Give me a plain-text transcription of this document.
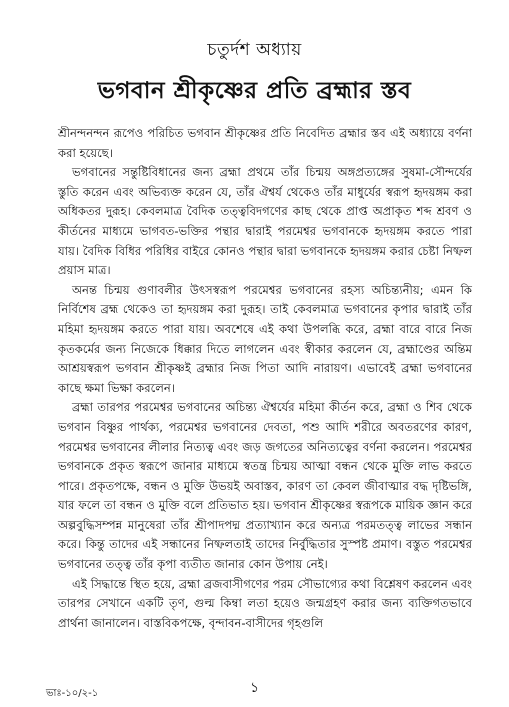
চতুর্দশ অধ্যায়
ভগবান শ্রীকৃষ্ণের প্রতি ব্রহ্মার স্তব

শ্রীনন্দনন্দন রূপেও পরিচিত ভগবান শ্রীকৃষ্ণের প্রতি নিবেদিত ব্রহ্মার স্তব এই অধ্যায়ে বর্ণনা করা হয়েছে।

ভগবানের সন্তুষ্টিবিধানের জন্য ব্রহ্মা প্রথমে তাঁর চিন্ময় অঙ্গপ্রত্যঙ্গের সুষমা-সৌন্দর্যের স্তুতি করেন এবং অভিব্যক্ত করেন যে, তাঁর ঐশ্বর্য থেকেও তাঁর মাধুর্যের স্বরূপ হৃদয়ঙ্গম করা অধিকতর দুরূহ। কেবলমাত্র বৈদিক তত্ত্ববিদগণের কাছ থেকে প্রাপ্ত অপ্রাকৃত শব্দ শ্রবণ ও কীর্তনের মাধ্যমে ভাগবত-ভক্তির পন্থার দ্বারাই পরমেশ্বর ভগবানকে হৃদয়ঙ্গম করতে পারা যায়। বৈদিক বিধির পরিধির বাইরে কোনও পন্থার দ্বারা ভগবানকে হৃদয়ঙ্গম করার চেষ্টা নিষ্ফল প্রয়াস মাত্র।

অনন্ত চিন্ময় গুণাবলীর উৎসস্বরূপ পরমেশ্বর ভগবানের রহস্য অচিন্ত্যনীয়; এমন কি নির্বিশেষ ব্রহ্ম থেকেও তা হৃদয়ঙ্গম করা দুরূহ। তাই কেবলমাত্র ভগবানের কৃপার দ্বারাই তাঁর মহিমা হৃদয়ঙ্গম করতে পারা যায়। অবশেষে এই কথা উপলব্ধি করে, ব্রহ্মা বারে বারে নিজ কৃতকর্মের জন্য নিজেকে ধিক্কার দিতে লাগলেন এবং স্বীকার করলেন যে, ব্রহ্মাণ্ডের অন্তিম আশ্রয়স্বরূপ ভগবান শ্রীকৃষ্ণই ব্রহ্মার নিজ পিতা আদি নারায়ণ। এভাবেই ব্রহ্মা ভগবানের কাছে ক্ষমা ভিক্ষা করলেন।

ব্রহ্মা তারপর পরমেশ্বর ভগবানের অচিন্ত্য ঐশ্বর্যের মহিমা কীর্তন করে, ব্রহ্মা ও শিব থেকে ভগবান বিষ্ণুর পার্থক্য, পরমেশ্বর ভগবানের দেবতা, পশু আদি শরীরে অবতরণের কারণ, পরমেশ্বর ভগবানের লীলার নিত্যত্ব এবং জড় জগতের অনিত্যত্বের বর্ণনা করলেন। পরমেশ্বর ভগবানকে প্রকৃত স্বরূপে জানার মাধ্যমে স্বতন্ত্র চিন্ময় আত্মা বন্ধন থেকে মুক্তি লাভ করতে পারে। প্রকৃতপক্ষে, বন্ধন ও মুক্তি উভয়ই অবাস্তব, কারণ তা কেবল জীবাত্মার বদ্ধ দৃষ্টিভঙ্গি, যার ফলে তা বন্ধন ও মুক্তি বলে প্রতিভাত হয়। ভগবান শ্রীকৃষ্ণের স্বরূপকে মায়িক জ্ঞান করে অল্পবুদ্ধিসম্পন্ন মানুষেরা তাঁর শ্রীপাদপদ্ম প্রত্যাখ্যান করে অন্যত্র পরমতত্ত্ব লাভের সন্ধান করে। কিন্তু তাদের এই সন্ধানের নিষ্ফলতাই তাদের নির্বুদ্ধিতার সুস্পষ্ট প্রমাণ। বস্তুত পরমেশ্বর ভগবানের তত্ত্ব তাঁর কৃপা ব্যতীত জানার কোন উপায় নেই।

এই সিদ্ধান্তে স্থিত হয়ে, ব্রহ্মা ব্রজবাসীগণের পরম সৌভাগ্যের কথা বিশ্লেষণ করলেন এবং তারপর সেখানে একটি তৃণ, গুল্ম কিম্বা লতা হয়েও জন্মগ্রহণ করার জন্য ব্যক্তিগতভাবে প্রার্থনা জানালেন। বাস্তবিকপক্ষে, বৃন্দাবন-বাসীদের গৃহগুলি

১
ভাঃ-১০/২-১
